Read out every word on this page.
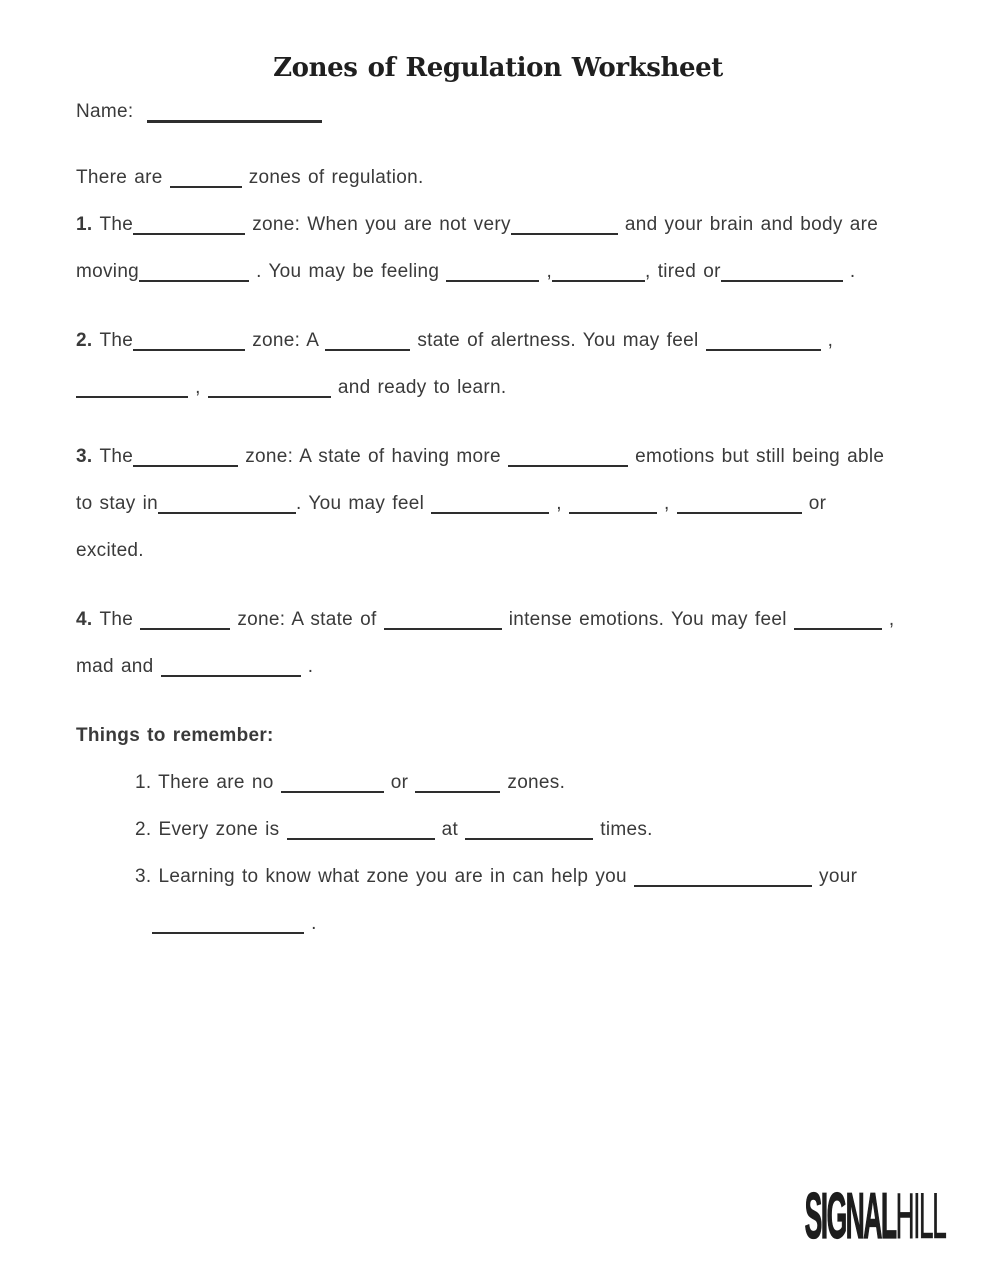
Zones of Regulation Worksheet
Name:
There are	zones of regulation.
1. The	zone: When you are not very	and your brain and body are
moving	. You may be feeling	,	, tired or	.
2. The	zone: A	state of alertness. You may feel	,
,	and ready to learn.
3. The	zone: A state of having more	emotions but still being able
to stay in	. You may feel	,	,	or
excited.
4. The	zone: A state of	intense emotions. You may feel	,
mad and	.
Things to remember:
1. There are no	or	zones.
2. Every zone is	at	times.
3. Learning to know what zone you are in can help you	your
.
SIGNALHILL
